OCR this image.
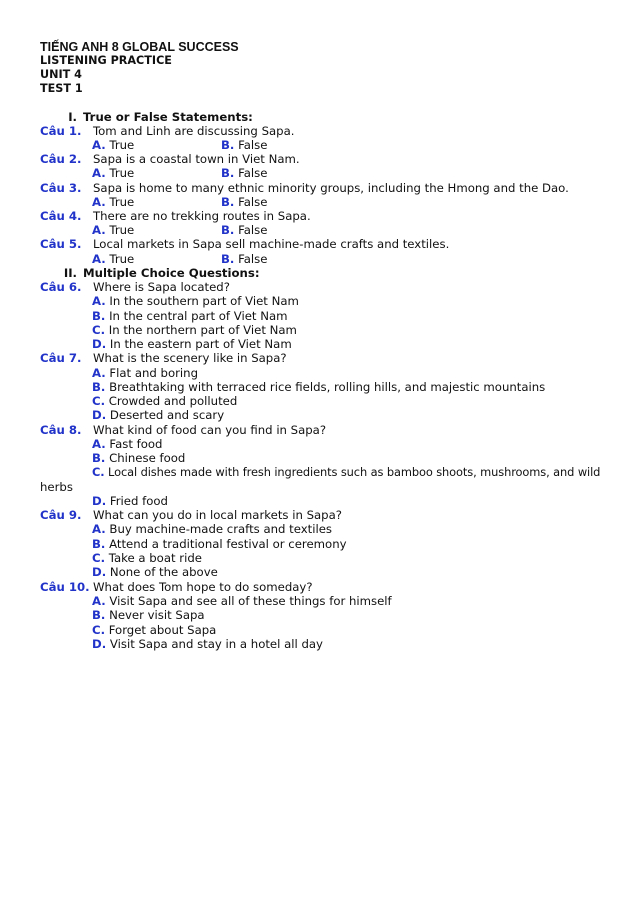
TIẾNG ANH 8 GLOBAL SUCCESS
LISTENING PRACTICE
UNIT 4
TEST 1
I. True or False Statements:
Câu 1. Tom and Linh are discussing Sapa.
A. True	B. False
Câu 2. Sapa is a coastal town in Viet Nam.
A. True	B. False
Câu 3. Sapa is home to many ethnic minority groups, including the Hmong and the Dao.
A. True	B. False
Câu 4. There are no trekking routes in Sapa.
A. True	B. False
Câu 5. Local markets in Sapa sell machine-made crafts and textiles.
A. True	B. False
II. Multiple Choice Questions:
Câu 6. Where is Sapa located?
A. In the southern part of Viet Nam
B. In the central part of Viet Nam
C. In the northern part of Viet Nam
D. In the eastern part of Viet Nam
Câu 7. What is the scenery like in Sapa?
A. Flat and boring
B. Breathtaking with terraced rice fields, rolling hills, and majestic mountains
C. Crowded and polluted
D. Deserted and scary
Câu 8. What kind of food can you find in Sapa?
A. Fast food
B. Chinese food
C. Local dishes made with fresh ingredients such as bamboo shoots, mushrooms, and wild
herbs
D. Fried food
Câu 9. What can you do in local markets in Sapa?
A. Buy machine-made crafts and textiles
B. Attend a traditional festival or ceremony
C. Take a boat ride
D. None of the above
Câu 10. What does Tom hope to do someday?
A. Visit Sapa and see all of these things for himself
B. Never visit Sapa
C. Forget about Sapa
D. Visit Sapa and stay in a hotel all day
